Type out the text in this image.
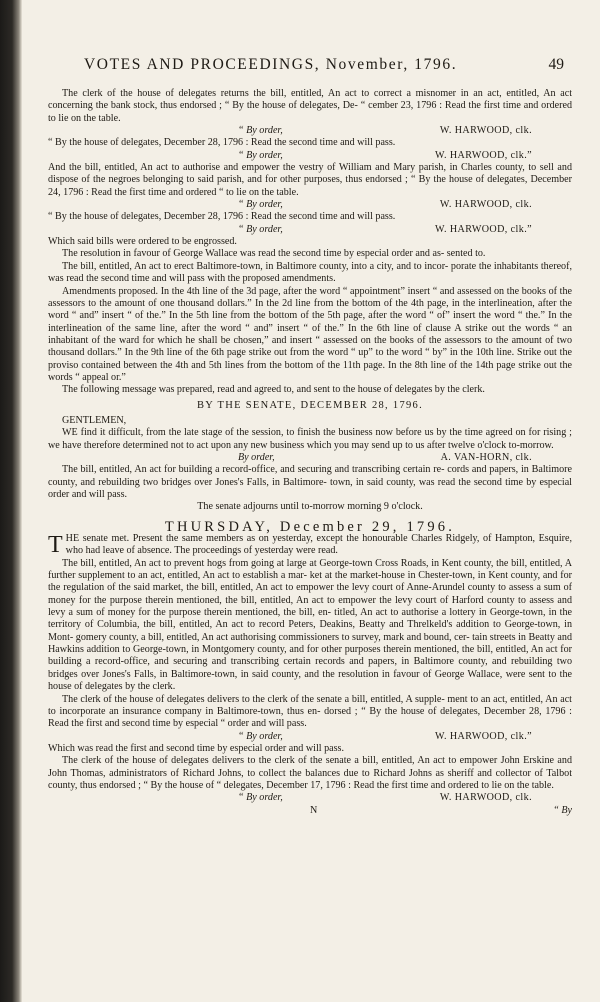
VOTES AND PROCEEDINGS, November, 1796.	49

The clerk of the house of delegates returns the bill, entitled, An act to correct a misnomer in an act, entitled, An act concerning the bank stock, thus endorsed ; “ By the house of delegates, De- “ cember 23, 1796 : Read the first time and ordered to lie on the table.

“ By order,	W. HARWOOD, clk.

“ By the house of delegates, December 28, 1796 : Read the second time and will pass.

“ By order,	W. HARWOOD, clk.”

And the bill, entitled, An act to authorise and empower the vestry of William and Mary parish, in Charles county, to sell and dispose of the negroes belonging to said parish, and for other purposes, thus endorsed ; “ By the house of delegates, December 24, 1796 : Read the first time and ordered “ to lie on the table.

“ By order,	W. HARWOOD, clk.

“ By the house of delegates, December 28, 1796 : Read the second time and will pass.

“ By order,	W. HARWOOD, clk.”

Which said bills were ordered to be engrossed.

The resolution in favour of George Wallace was read the second time by especial order and as- sented to.

The bill, entitled, An act to erect Baltimore-town, in Baltimore county, into a city, and to incor- porate the inhabitants thereof, was read the second time and will pass with the proposed amendments.

Amendments proposed. In the 4th line of the 3d page, after the word “ appointment” insert “ and assessed on the books of the assessors to the amount of one thousand dollars.” In the 2d line from the bottom of the 4th page, in the interlineation, after the word “ and” insert “ of the.” In the 5th line from the bottom of the 5th page, after the word “ of” insert the word “ the.” In the interlineation of the same line, after the word “ and” insert “ of the.” In the 6th line of clause A strike out the words “ an inhabitant of the ward for which he shall be chosen,” and insert “ assessed on the books of the assessors to the amount of two thousand dollars.” In the 9th line of the 6th page strike out from the word “ up” to the word “ by” in the 10th line. Strike out the proviso contained between the 4th and 5th lines from the bottom of the 11th page. In the 8th line of the 14th page strike out the words “ appeal or.”

The following message was prepared, read and agreed to, and sent to the house of delegates by the clerk.

BY THE SENATE, DECEMBER 28, 1796.

GENTLEMEN,

WE find it difficult, from the late stage of the session, to finish the business now before us by the time agreed on for rising ; we have therefore determined not to act upon any new business which you may send up to us after twelve o'clock to-morrow.

By order,	A. VAN-HORN, clk.

The bill, entitled, An act for building a record-office, and securing and transcribing certain re- cords and papers, in Baltimore county, and rebuilding two bridges over Jones's Falls, in Baltimore- town, in said county, was read the second time by especial order and will pass.

The senate adjourns until to-morrow morning 9 o'clock.

THURSDAY, December 29, 1796.

THE senate met. Present the same members as on yesterday, except the honourable Charles Ridgely, of Hampton, Esquire, who had leave of absence. The proceedings of yesterday were read.

The bill, entitled, An act to prevent hogs from going at large at George-town Cross Roads, in Kent county, the bill, entitled, A further supplement to an act, entitled, An act to establish a mar- ket at the market-house in Chester-town, in Kent county, and for the regulation of the said market, the bill, entitled, An act to empower the levy court of Anne-Arundel county to assess a sum of money for the purpose therein mentioned, the bill, entitled, An act to empower the levy court of Harford county to assess and levy a sum of money for the purpose therein mentioned, the bill, en- titled, An act to authorise a lottery in George-town, in the territory of Columbia, the bill, entitled, An act to record Peters, Deakins, Beatty and Threlkeld's addition to George-town, in Mont- gomery county, a bill, entitled, An act authorising commissioners to survey, mark and bound, cer- tain streets in Beatty and Hawkins addition to George-town, in Montgomery county, and for other purposes therein mentioned, the bill, entitled, An act for building a record-office, and securing and transcribing certain records and papers, in Baltimore county, and rebuilding two bridges over Jones's Falls, in Baltimore-town, in said county, and the resolution in favour of George Wallace, were sent to the house of delegates by the clerk.

The clerk of the house of delegates delivers to the clerk of the senate a bill, entitled, A supple- ment to an act, entitled, An act to incorporate an insurance company in Baltimore-town, thus en- dorsed ; “ By the house of delegates, December 28, 1796 : Read the first and second time by especial “ order and will pass.

“ By order,	W. HARWOOD, clk.”

Which was read the first and second time by especial order and will pass.

The clerk of the house of delegates delivers to the clerk of the senate a bill, entitled, An act to empower John Erskine and John Thomas, administrators of Richard Johns, to collect the balances due to Richard Johns as sheriff and collector of Talbot county, thus endorsed ; “ By the house of “ delegates, December 17, 1796 : Read the first time and ordered to lie on the table.

“ By order,	W. HARWOOD, clk.
N	“ By
